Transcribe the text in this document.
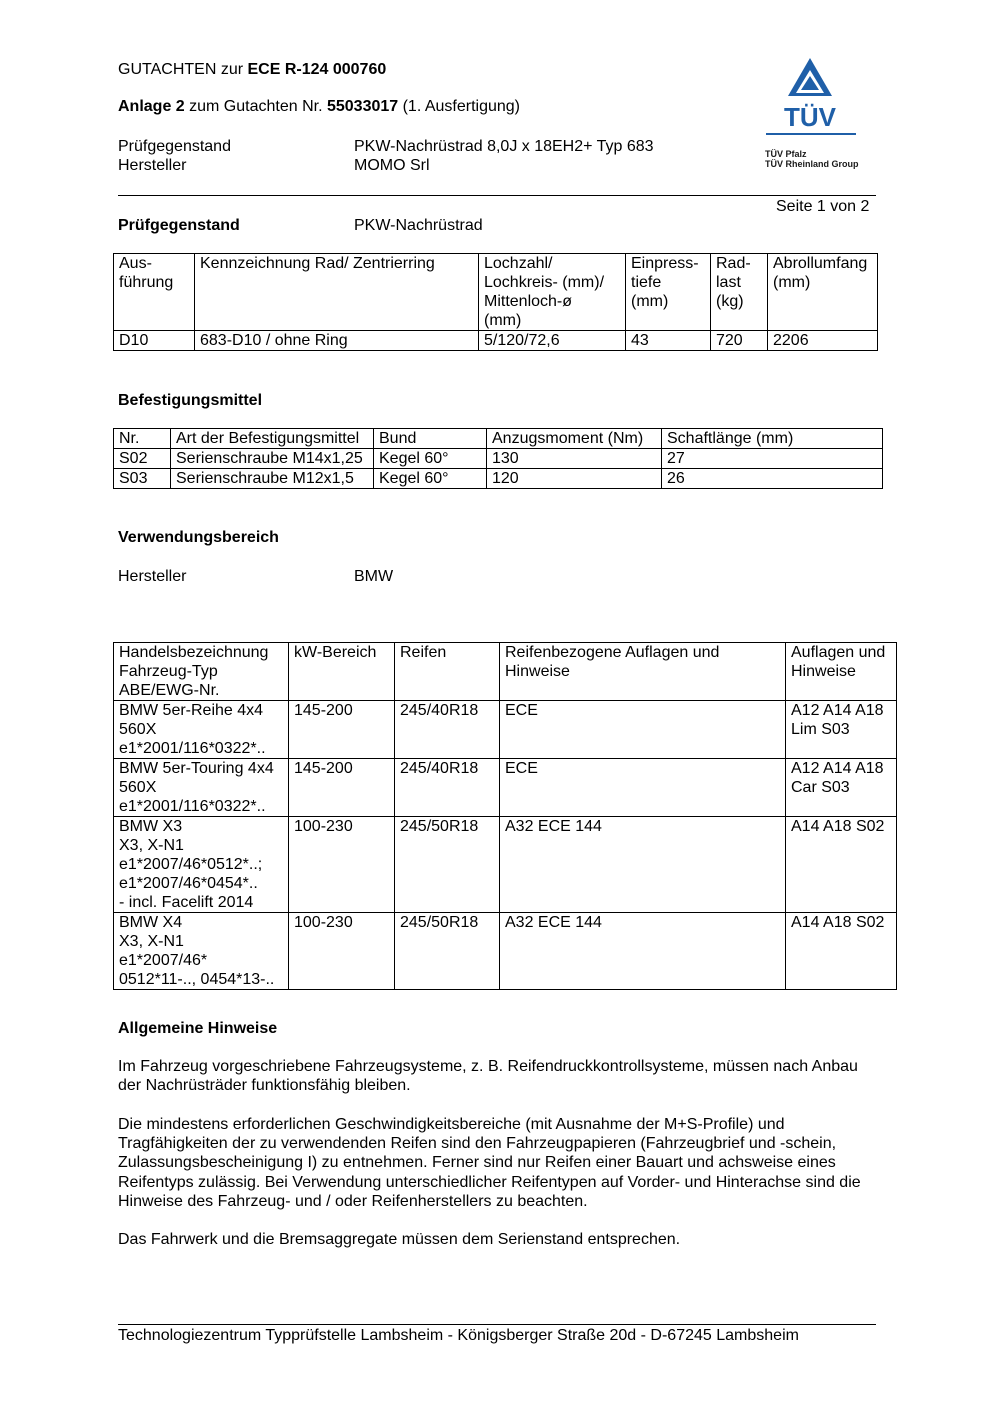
GUTACHTEN zur ECE R-124 000760
Anlage 2 zum Gutachten Nr. 55033017 (1. Ausfertigung)
Prüfgegenstand	PKW-Nachrüstrad 8,0J x 18EH2+ Typ 683
Hersteller	MOMO Srl
TÜV
TÜV Pfalz
TÜV Rheinland Group
Seite 1 von 2
Prüfgegenstand	PKW-Nachrüstrad
Aus-
führung	Kennzeichnung Rad/ Zentrierring	Lochzahl/
Lochkreis- (mm)/
Mittenloch-ø
(mm)	Einpress-
tiefe
(mm)	Rad-
last
(kg)	Abrollumfang
(mm)
D10	683-D10 / ohne Ring	5/120/72,6	43	720	2206
Befestigungsmittel
Nr.	Art der Befestigungsmittel	Bund	Anzugsmoment (Nm)	Schaftlänge (mm)
S02	Serienschraube M14x1,25	Kegel 60°	130	27
S03	Serienschraube M12x1,5	Kegel 60°	120	26
Verwendungsbereich
Hersteller	BMW
Handelsbezeichnung
Fahrzeug-Typ
ABE/EWG-Nr.	kW-Bereich	Reifen	Reifenbezogene Auflagen und
Hinweise	Auflagen und
Hinweise
BMW 5er-Reihe 4x4
560X
e1*2001/116*0322*..	145-200	245/40R18	ECE	A12 A14 A18
Lim S03
BMW 5er-Touring 4x4
560X
e1*2001/116*0322*..	145-200	245/40R18	ECE	A12 A14 A18
Car S03
BMW X3
X3, X-N1
e1*2007/46*0512*..;
e1*2007/46*0454*..
- incl. Facelift 2014	100-230	245/50R18	A32 ECE 144	A14 A18 S02
BMW X4
X3, X-N1
e1*2007/46*
0512*11-.., 0454*13-..	100-230	245/50R18	A32 ECE 144	A14 A18 S02
Allgemeine Hinweise
Im Fahrzeug vorgeschriebene Fahrzeugsysteme, z. B. Reifendruckkontrollsysteme, müssen nach Anbau der Nachrüsträder funktionsfähig bleiben.
Die mindestens erforderlichen Geschwindigkeitsbereiche (mit Ausnahme der M+S-Profile) und Tragfähigkeiten der zu verwendenden Reifen sind den Fahrzeugpapieren (Fahrzeugbrief und -schein, Zulassungsbescheinigung I) zu entnehmen. Ferner sind nur Reifen einer Bauart und achsweise eines Reifentyps zulässig. Bei Verwendung unterschiedlicher Reifentypen auf Vorder- und Hinterachse sind die Hinweise des Fahrzeug- und / oder Reifenherstellers zu beachten.
Das Fahrwerk und die Bremsaggregate müssen dem Serienstand entsprechen.
Technologiezentrum Typprüfstelle Lambsheim - Königsberger Straße 20d - D-67245 Lambsheim
